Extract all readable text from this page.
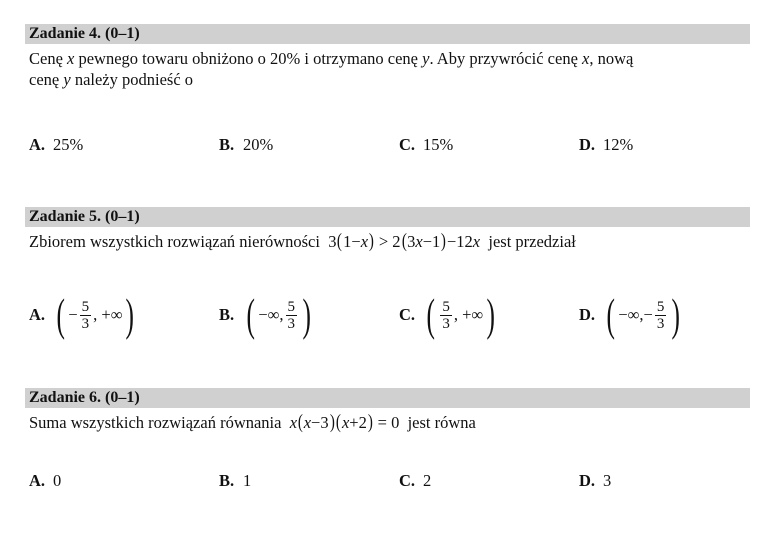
Zadanie 4. (0–1)
Cenę x pewnego towaru obniżono o 20% i otrzymano cenę y. Aby przywrócić cenę x, nową
cenę y należy podnieść o
A. 25%	B. 20%	C. 15%	D. 12%
Zadanie 5. (0–1)
Zbiorem wszystkich rozwiązań nierówności 3 ( 1 − x )
>
2 ( 3 x −1 ) −12 x jest przedział
A. ( − $\frac{5}{3}$ , +∞ )	B. ( −∞, $\frac{5}{3}$ )	C. ( $\frac{5}{3}$ , +∞ )	D. ( −∞,− $\frac{5}{3}$ )
Zadanie 6. (0–1)
Suma wszystkich rozwiązań równania x ( x −3 ) ( x +2 )
= 0 jest równa
A. 0	B. 1	C. 2	D. 3
